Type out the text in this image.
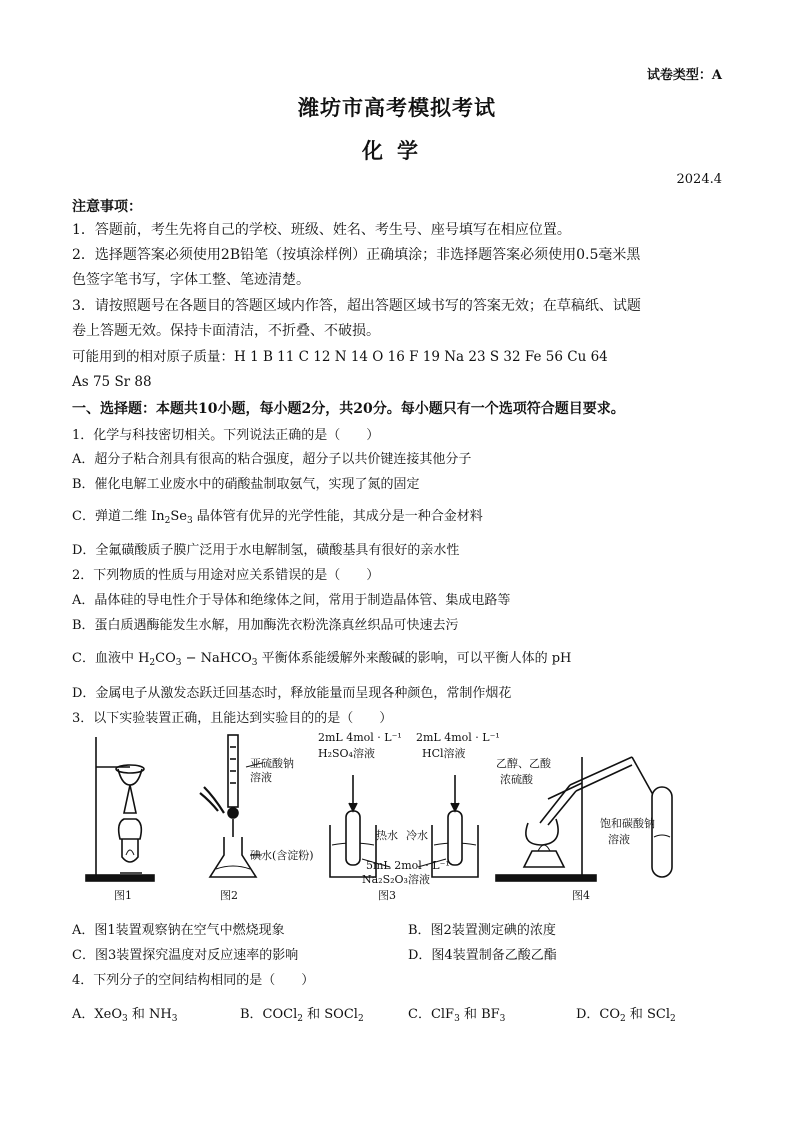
试卷类型：A
潍坊市高考模拟考试
化学
2024.4
注意事项：
1．答题前，考生先将自己的学校、班级、姓名、考生号、座号填写在相应位置。
2．选择题答案必须使用2B铅笔（按填涂样例）正确填涂；非选择题答案必须使用0.5毫米黑
色签字笔书写，字体工整、笔迹清楚。
3．请按照题号在各题目的答题区域内作答，超出答题区域书写的答案无效；在草稿纸、试题
卷上答题无效。保持卡面清洁，不折叠、不破损。
可能用到的相对原子质量：H 1 B 11 C 12 N 14 O 16 F 19 Na 23 S 32 Fe 56 Cu 64
As 75 Sr 88
一、选择题：本题共10小题，每小题2分，共20分。每小题只有一个选项符合题目要求。
1．化学与科技密切相关。下列说法正确的是（　　）
A．超分子粘合剂具有很高的粘合强度，超分子以共价键连接其他分子
B．催化电解工业废水中的硝酸盐制取氨气，实现了氮的固定
C．弹道二维 $In_2Se_3$ 晶体管有优异的光学性能，其成分是一种合金材料
D．全氟磺酸质子膜广泛用于水电解制氢，磺酸基具有很好的亲水性
2．下列物质的性质与用途对应关系错误的是（　　）
A．晶体硅的导电性介于导体和绝缘体之间，常用于制造晶体管、集成电路等
B．蛋白质遇酶能发生水解，用加酶洗衣粉洗涤真丝织品可快速去污
C．血液中 $H_2CO_3$ − NaHCO$_3$ 平衡体系能缓解外来酸碱的影响，可以平衡人体的 pH
D．金属电子从激发态跃迁回基态时，释放能量而呈现各种颜色，常制作烟花
3．以下实验装置正确，且能达到实验目的的是（　　）
图1	图2	图3	图4
亚硫酸钠
溶液
碘水(含淀粉)
2mL 4mol · L⁻¹
H₂SO₄溶液
2mL 4mol · L⁻¹
HCl溶液
热水 冷水
5mL 2mol · L⁻¹
Na₂S₂O₃溶液
乙醇、乙酸
浓硫酸
饱和碳酸钠
溶液
A．图1装置观察钠在空气中燃烧现象	B．图2装置测定碘的浓度
C．图3装置探究温度对反应速率的影响	D．图4装置制备乙酸乙酯
4．下列分子的空间结构相同的是（　　）
A．XeO$_3$ 和 $NH_3$	B．COCl$_2$ 和 SOCl$_2$	C．ClF$_3$ 和 $BF_3$	D．$CO_2$ 和 SCl$_2$
